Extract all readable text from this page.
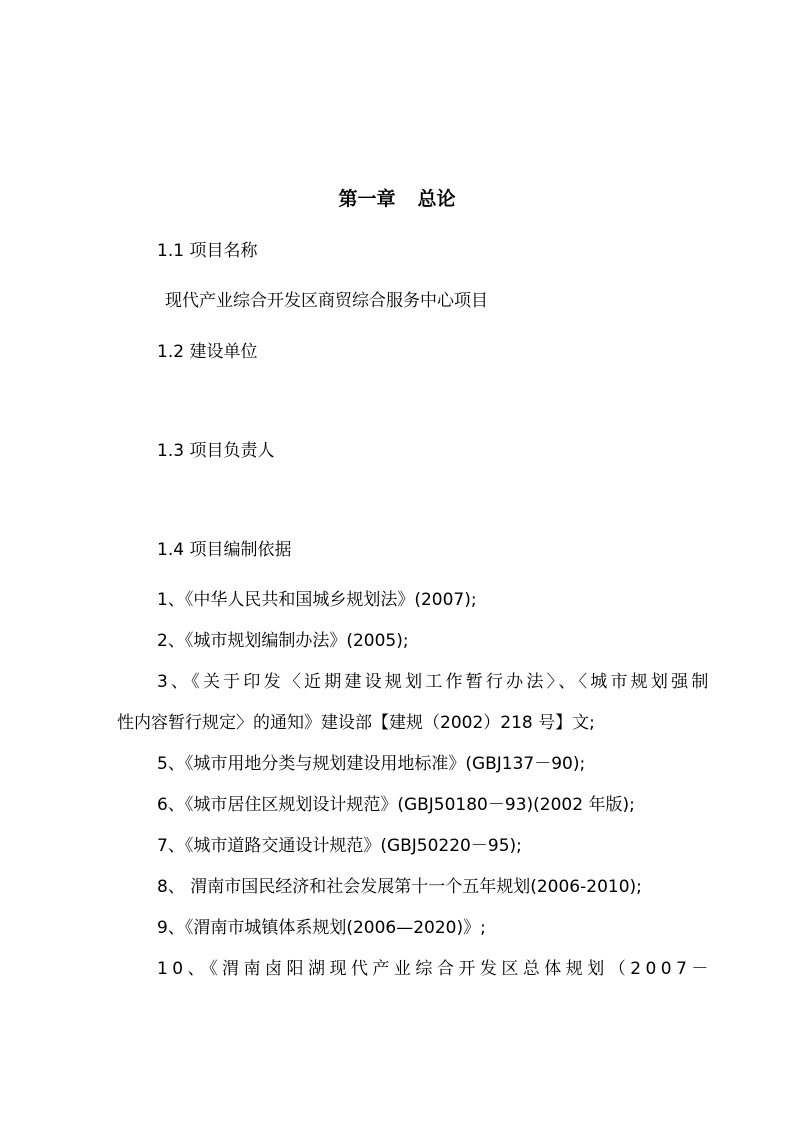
第一章 总论
1.1 项目名称
现代产业综合开发区商贸综合服务中心项目
1.2 建设单位
1.3 项目负责人
1.4 项目编制依据
1、《中华人民共和国城乡规划法》(2007);
2、《城市规划编制办法》(2005);
3、《关于印发〈近期建设规划工作暂行办法〉、〈城市规划强制
性内容暂行规定〉的通知》建设部【建规（2002）218 号】文;
5、《城市用地分类与规划建设用地标准》(GBJ137－90);
6、《城市居住区规划设计规范》(GBJ50180－93)(2002 年版);
7、《城市道路交通设计规范》(GBJ50220－95);
8、 渭南市国民经济和社会发展第十一个五年规划(2006-2010);
9、《渭南市城镇体系规划(2006—2020)》;
10、《渭南卤阳湖现代产业综合开发区总体规划（2007－
